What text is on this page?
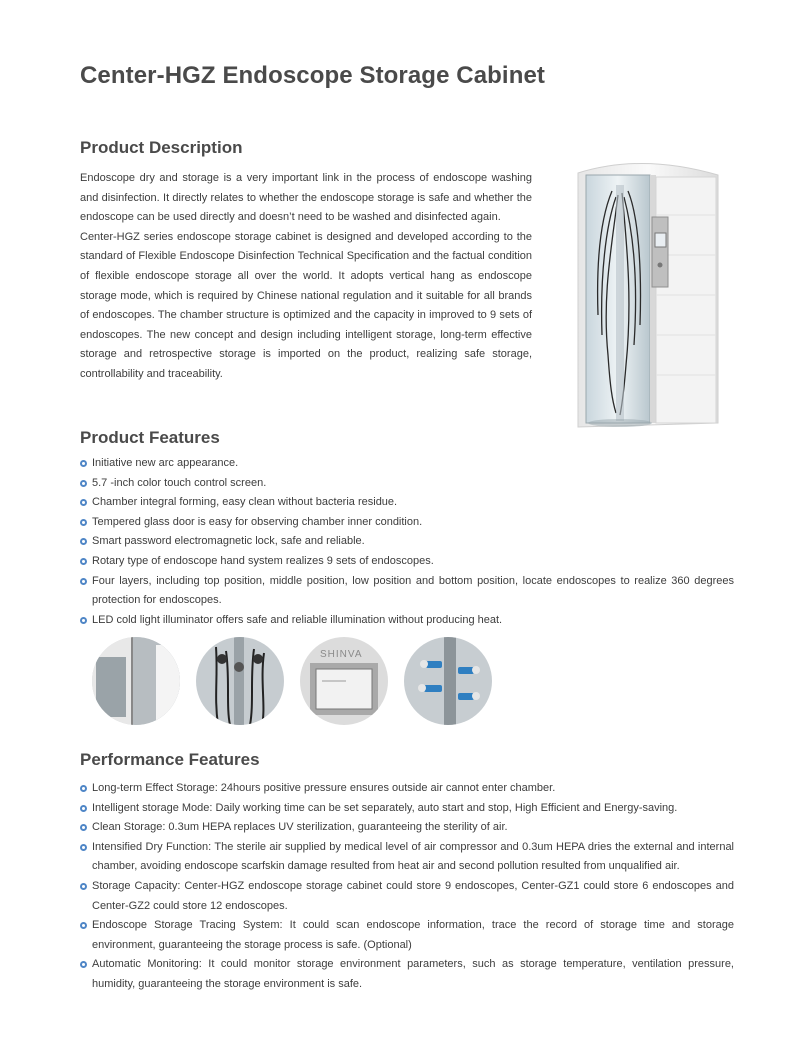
Center-HGZ Endoscope Storage Cabinet
Product Description

Endoscope dry and storage is a very important link in the process of endoscope washing and disinfection. It directly relates to whether the endoscope storage is safe and whether the endoscope can be used directly and doesn’t need to be washed and disinfected again.

Center-HGZ series endoscope storage cabinet is designed and developed according to the standard of Flexible Endoscope Disinfection Technical Specification and the factual condition of flexible endoscope storage all over the world. It adopts vertical hang as endoscope storage mode, which is required by Chinese national regulation and it suitable for all brands of endoscopes. The chamber structure is optimized and the capacity in improved to 9 sets of endoscopes. The new concept and design including intelligent storage, long-term effective storage and retrospective storage is imported on the product, realizing safe storage, controllability and traceability.

Product Features
Initiative new arc appearance.
5.7 -inch color touch control screen.
Chamber integral forming, easy clean without bacteria residue.
Tempered glass door is easy for observing chamber inner condition.
Smart password electromagnetic lock, safe and reliable.
Rotary type of endoscope hand system realizes 9 sets of endoscopes.
Four layers, including top position, middle position, low position and bottom position, locate endoscopes to realize 360 degrees protection for endoscopes.
LED cold light illuminator offers safe and reliable illumination without producing heat.
SHINVA
Performance Features
Long-term Effect Storage: 24hours positive pressure ensures outside air cannot enter chamber.
Intelligent storage Mode: Daily working time can be set separately, auto start and stop, High Efficient and Energy-saving.
Clean Storage: 0.3um HEPA replaces UV sterilization, guaranteeing the sterility of air.
Intensified Dry Function: The sterile air supplied by medical level of air compressor and 0.3um HEPA dries the external and internal chamber, avoiding endoscope scarfskin damage resulted from heat air and second pollution resulted from unqualified air.
Storage Capacity: Center-HGZ endoscope storage cabinet could store 9 endoscopes, Center-GZ1 could store 6 endoscopes and Center-GZ2 could store 12 endoscopes.
Endoscope Storage Tracing System: It could scan endoscope information, trace the record of storage time and storage environment, guaranteeing the storage process is safe. (Optional)
Automatic Monitoring: It could monitor storage environment parameters, such as storage temperature, ventilation pressure, humidity, guaranteeing the storage environment is safe.
